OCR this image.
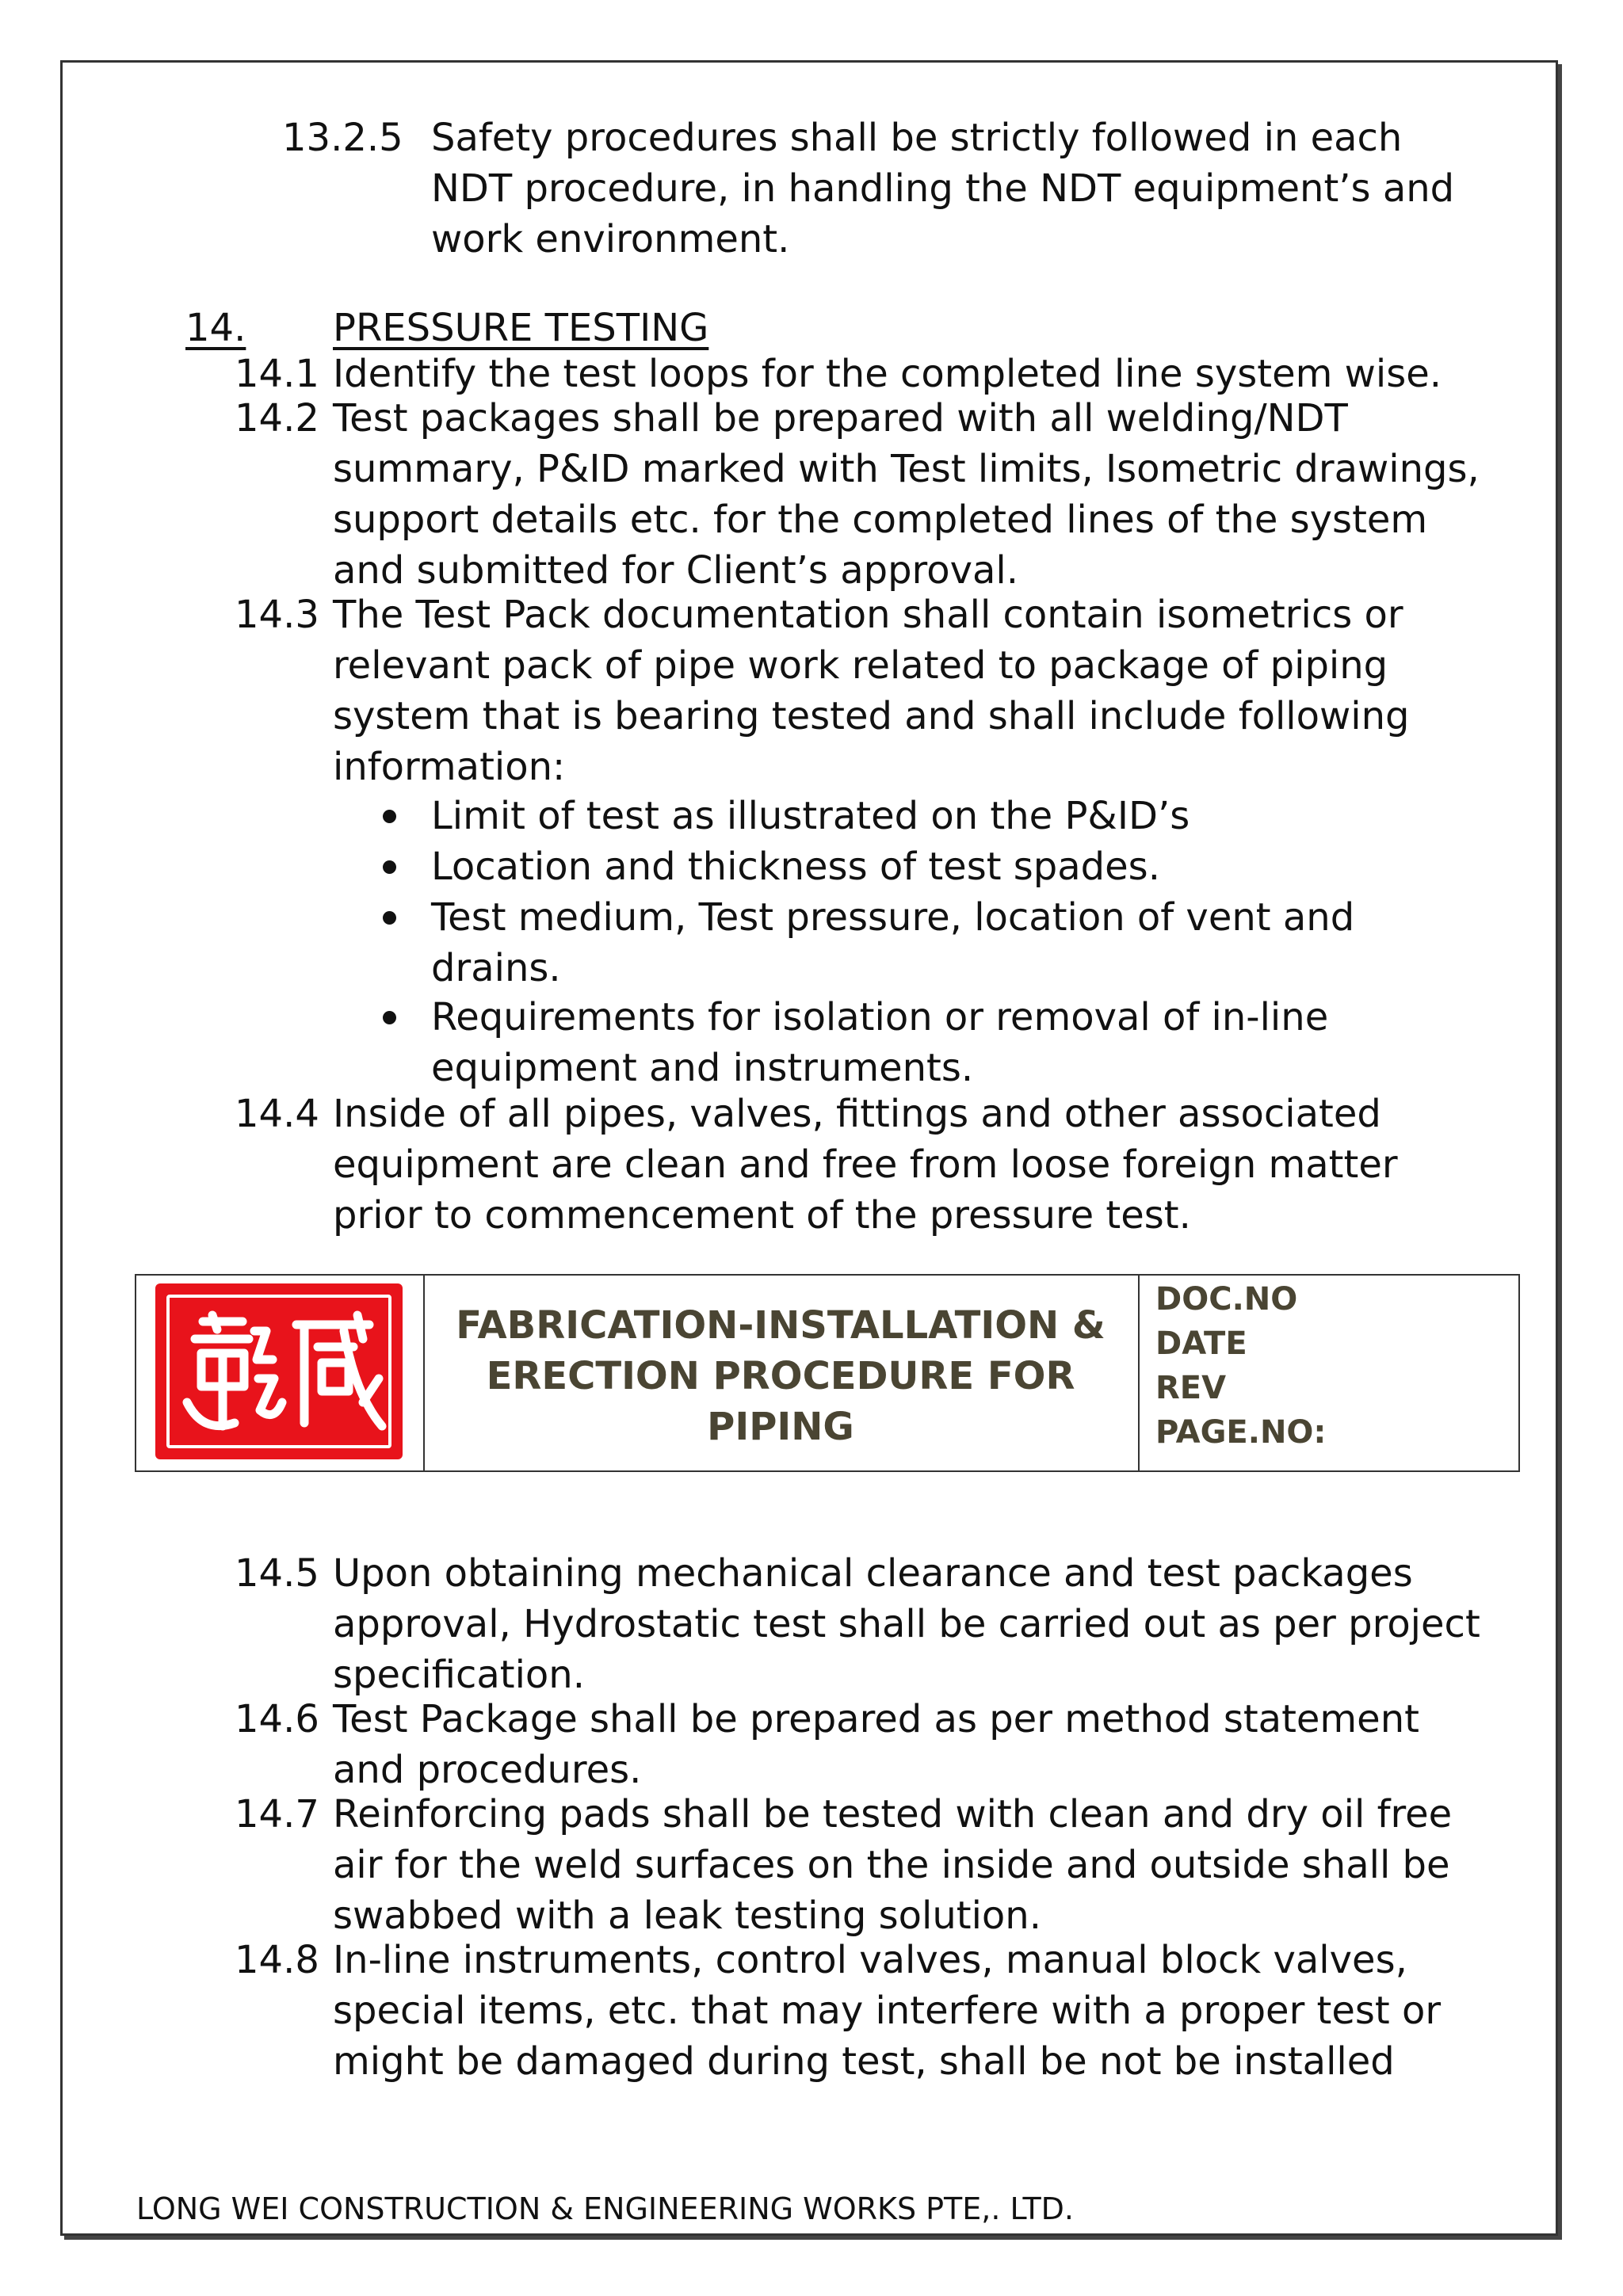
13.2.5 Safety procedures shall be strictly followed in each
NDT procedure, in handling the NDT equipment’s and
work environment.
14. PRESSURE TESTING
14.1 Identify the test loops for the completed line system wise.
14.2 Test packages shall be prepared with all welding/NDT
summary, P&ID marked with Test limits, Isometric drawings,
support details etc. for the completed lines of the system
and submitted for Client’s approval.
14.3 The Test Pack documentation shall contain isometrics or
relevant pack of pipe work related to package of piping
system that is bearing tested and shall include following
information:
Limit of test as illustrated on the P&ID’s
Location and thickness of test spades.
Test medium, Test pressure, location of vent and
drains.
Requirements for isolation or removal of in-line
equipment and instruments.
14.4 Inside of all pipes, valves, fittings and other associated
equipment are clean and free from loose foreign matter
prior to commencement of the pressure test.
FABRICATION-INSTALLATION &
ERECTION PROCEDURE FOR
PIPING
DOC.NO
DATE
REV
PAGE.NO:
14.5 Upon obtaining mechanical clearance and test packages
approval, Hydrostatic test shall be carried out as per project
specification.
14.6 Test Package shall be prepared as per method statement
and procedures.
14.7 Reinforcing pads shall be tested with clean and dry oil free
air for the weld surfaces on the inside and outside shall be
swabbed with a leak testing solution.
14.8 In-line instruments, control valves, manual block valves,
special items, etc. that may interfere with a proper test or
might be damaged during test, shall be not be installed
LONG WEI CONSTRUCTION & ENGINEERING WORKS PTE,. LTD.
